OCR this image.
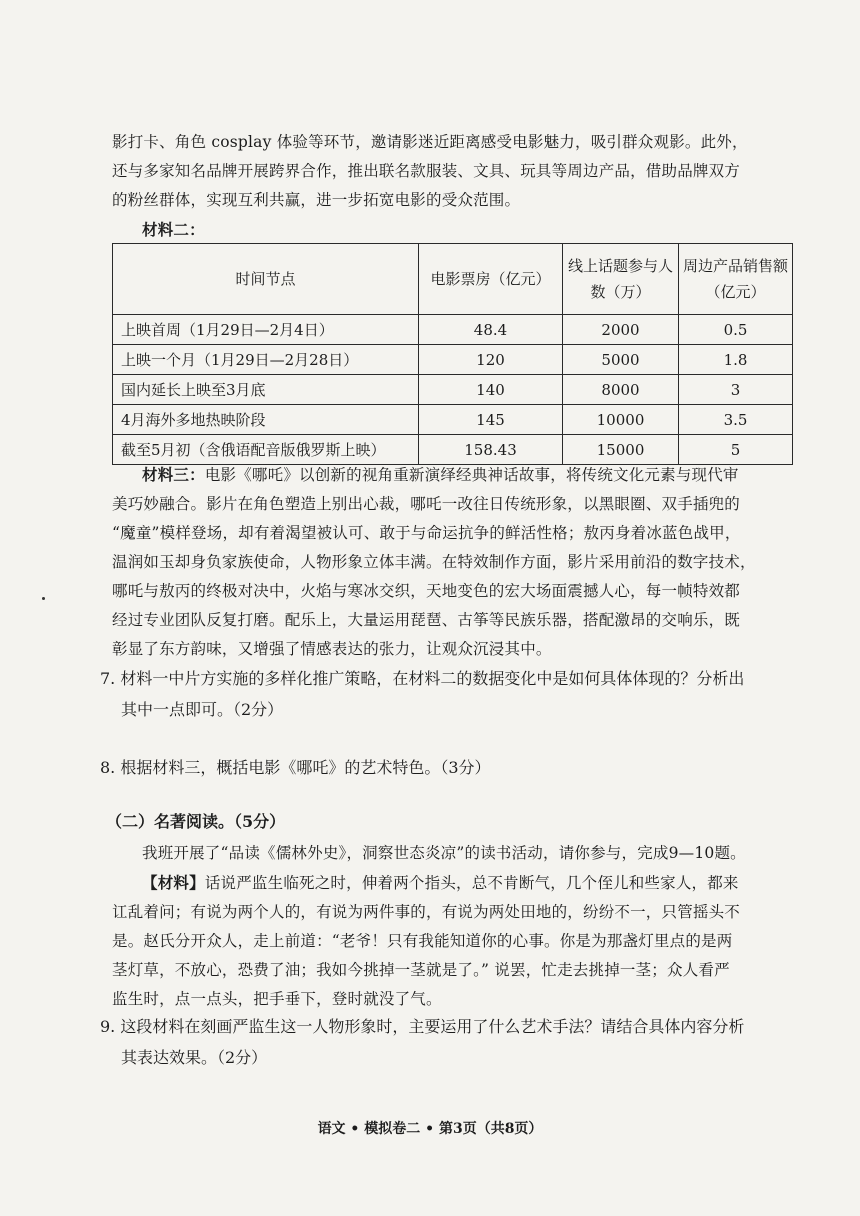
影打卡、角色 cosplay 体验等环节，邀请影迷近距离感受电影魅力，吸引群众观影。此外，
还与多家知名品牌开展跨界合作，推出联名款服装、文具、玩具等周边产品，借助品牌双方
的粉丝群体，实现互利共赢，进一步拓宽电影的受众范围。
材料二：
时间节点	电影票房（亿元）	线上话题参与人数（万）	周边产品销售额（亿元）
上映首周（1月29日—2月4日）	48.4	2000	0.5
上映一个月（1月29日—2月28日）	120	5000	1.8
国内延长上映至3月底	140	8000	3
4月海外多地热映阶段	145	10000	3.5
截至5月初（含俄语配音版俄罗斯上映）	158.43	15000	5
材料三：电影《哪吒》以创新的视角重新演绎经典神话故事，将传统文化元素与现代审
美巧妙融合。影片在角色塑造上别出心裁，哪吒一改往日传统形象，以黑眼圈、双手插兜的
“魔童”模样登场，却有着渴望被认可、敢于与命运抗争的鲜活性格；敖丙身着冰蓝色战甲，
温润如玉却身负家族使命，人物形象立体丰满。在特效制作方面，影片采用前沿的数字技术，
哪吒与敖丙的终极对决中，火焰与寒冰交织，天地变色的宏大场面震撼人心，每一帧特效都
经过专业团队反复打磨。配乐上，大量运用琵琶、古筝等民族乐器，搭配激昂的交响乐，既
彰显了东方韵味，又增强了情感表达的张力，让观众沉浸其中。
7. 材料一中片方实施的多样化推广策略，在材料二的数据变化中是如何具体体现的？分析出
其中一点即可。（2分）
8. 根据材料三，概括电影《哪吒》的艺术特色。（3分）
（二）名著阅读。（5分）
我班开展了“品读《儒林外史》，洞察世态炎凉”的读书活动，请你参与，完成9—10题。
【材料】话说严监生临死之时，伸着两个指头，总不肯断气，几个侄儿和些家人，都来
讧乱着问；有说为两个人的，有说为两件事的，有说为两处田地的，纷纷不一，只管摇头不
是。赵氏分开众人，走上前道：“老爷！只有我能知道你的心事。你是为那盏灯里点的是两
茎灯草，不放心，恐费了油；我如今挑掉一茎就是了。” 说罢，忙走去挑掉一茎；众人看严
监生时，点一点头，把手垂下，登时就没了气。
9. 这段材料在刻画严监生这一人物形象时，主要运用了什么艺术手法？请结合具体内容分析
其表达效果。（2分）
语文 • 模拟卷二 • 第3页（共8页）
